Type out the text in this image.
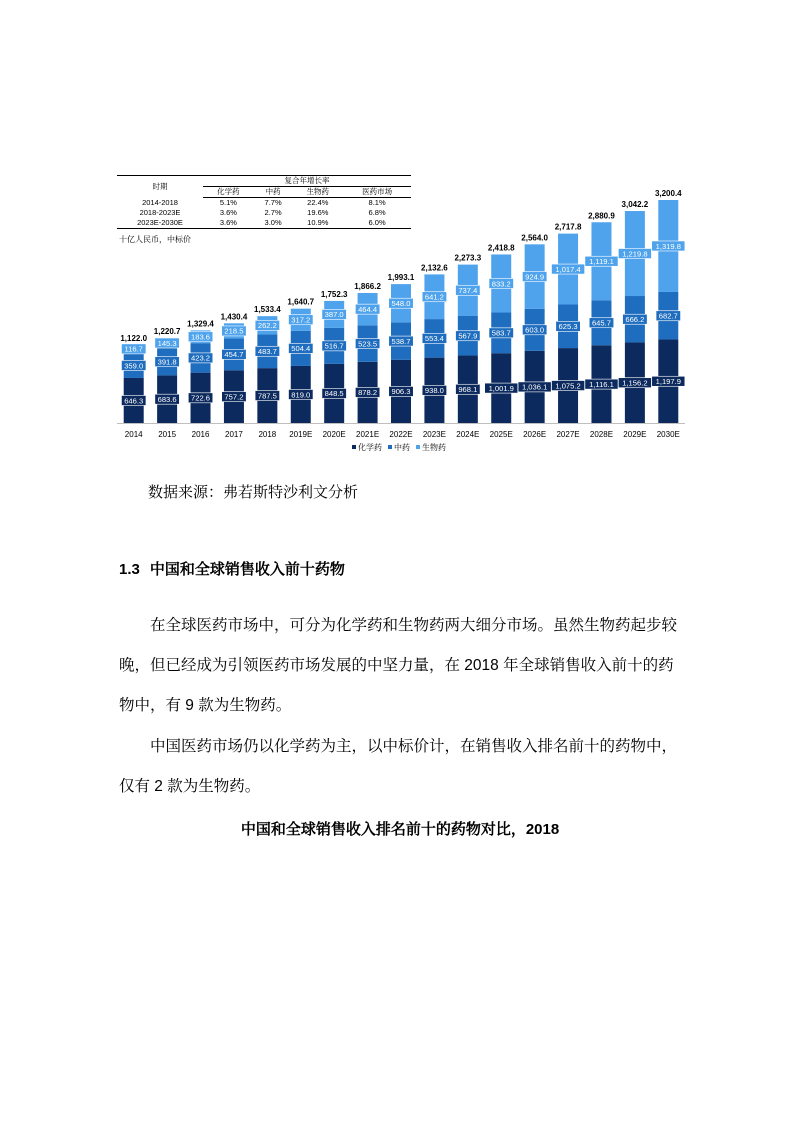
时期	复合年增长率			
	化学药	中药	生物药	医药市场
2014-2018	5.1%	7.7%	22.4%	8.1%
2018-2023E	3.6%	2.7%	19.6%	6.8%
2023E-2030E	3.6%	3.0%	10.9%	6.0%
十亿人民币，中标价
646.3
359.0
116.7
1,122.0
2014
683.6
391.8
145.3
1,220.7
2015
722.6
423.2
183.6
1,329.4
2016
757.2
454.7
218.5
1,430.4
2017
787.5
483.7
262.2
1,533.4
2018
819.0
504.4
317.2
1,640.7
2019E
848.5
516.7
387.0
1,752.3
2020E
878.2
523.5
464.4
1,866.2
2021E
906.3
538.7
548.0
1,993.1
2022E
938.0
553.4
641.2
2,132.6
2023E
968.1
567.9
737.4
2,273.3
2024E
1,001.9
583.7
833.2
2,418.8
2025E
1,036.1
603.0
924.9
2,564.0
2026E
1,075.2
625.3
1,017.4
2,717.8
2027E
1,116.1
645.7
1,119.1
2,880.9
2028E
1,156.2
666.2
1,219.8
3,042.2
2029E
1,197.9
682.7
1,319.8
3,200.4
2030E
化学药 中药 生物药
数据来源：弗若斯特沙利文分析
1.3 中国和全球销售收入前十药物
在全球医药市场中，可分为化学药和生物药两大细分市场。虽然生物药起步较晚，但已经成为引领医药市场发展的中坚力量，在 2018 年全球销售收入前十的药物中，有 9 款为生物药。
中国医药市场仍以化学药为主，以中标价计，在销售收入排名前十的药物中，仅有 2 款为生物药。
中国和全球销售收入排名前十的药物对比，2018
